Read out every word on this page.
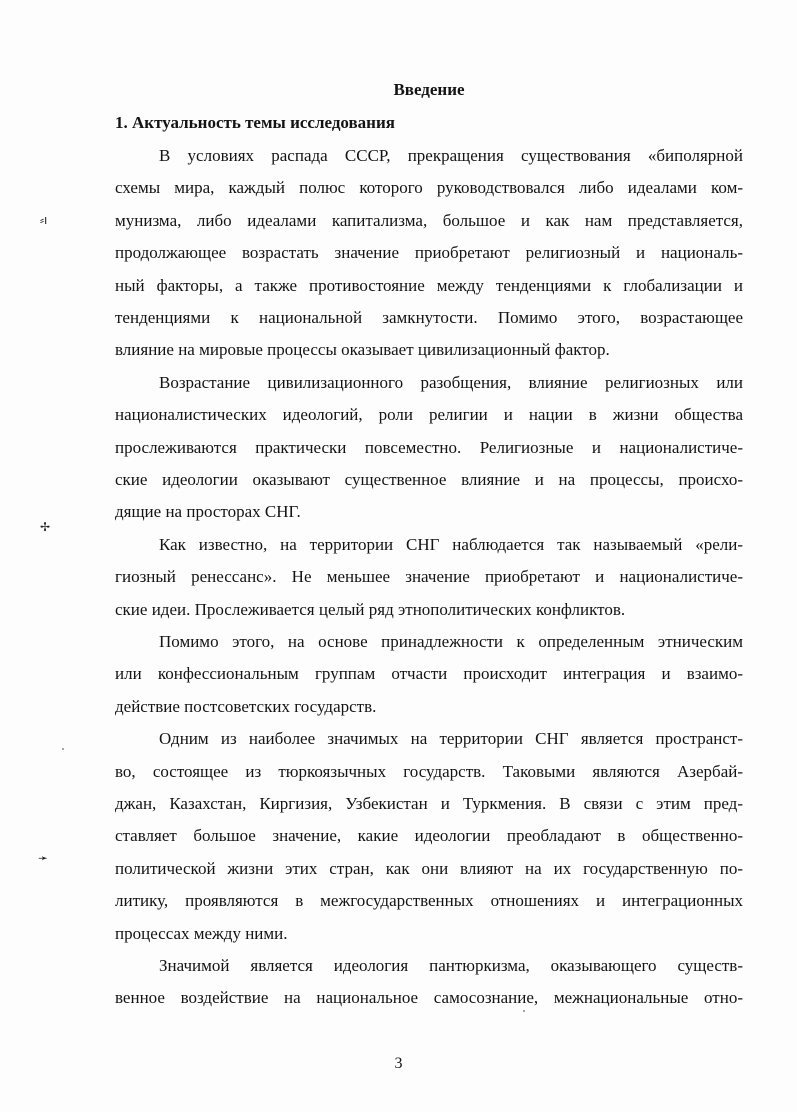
Введение
1. Актуальность темы исследования
В условиях распада СССР, прекращения существования «биполярной
схемы мира, каждый полюс которого руководствовался либо идеалами ком-
мунизма, либо идеалами капитализма, большое и как нам представляется,
продолжающее возрастать значение приобретают религиозный и националь-
ный факторы, а также противостояние между тенденциями к глобализации и
тенденциями к национальной замкнутости. Помимо этого, возрастающее
влияние на мировые процессы оказывает цивилизационный фактор.
Возрастание цивилизационного разобщения, влияние религиозных или
националистических идеологий, роли религии и нации в жизни общества
прослеживаются практически повсеместно. Религиозные и националистиче-
ские идеологии оказывают существенное влияние и на процессы, происхо-
дящие на просторах СНГ.
Как известно, на территории СНГ наблюдается так называемый «рели-
гиозный ренессанс». Не меньшее значение приобретают и националистиче-
ские идеи. Прослеживается целый ряд этнополитических конфликтов.
Помимо этого, на основе принадлежности к определенным этническим
или конфессиональным группам отчасти происходит интеграция и взаимо-
действие постсоветских государств.
Одним из наиболее значимых на территории СНГ является пространст-
во, состоящее из тюркоязычных государств. Таковыми являются Азербай-
джан, Казахстан, Киргизия, Узбекистан и Туркмения. В связи с этим пред-
ставляет большое значение, какие идеологии преобладают в общественно-
политической жизни этих стран, как они влияют на их государственную по-
литику, проявляются в межгосударственных отношениях и интеграционных
процессах между ними.
Значимой является идеология пантюркизма, оказывающего существ-
венное воздействие на национальное самосознание, межнациональные отно-
⸗ı
✢
➛
3
